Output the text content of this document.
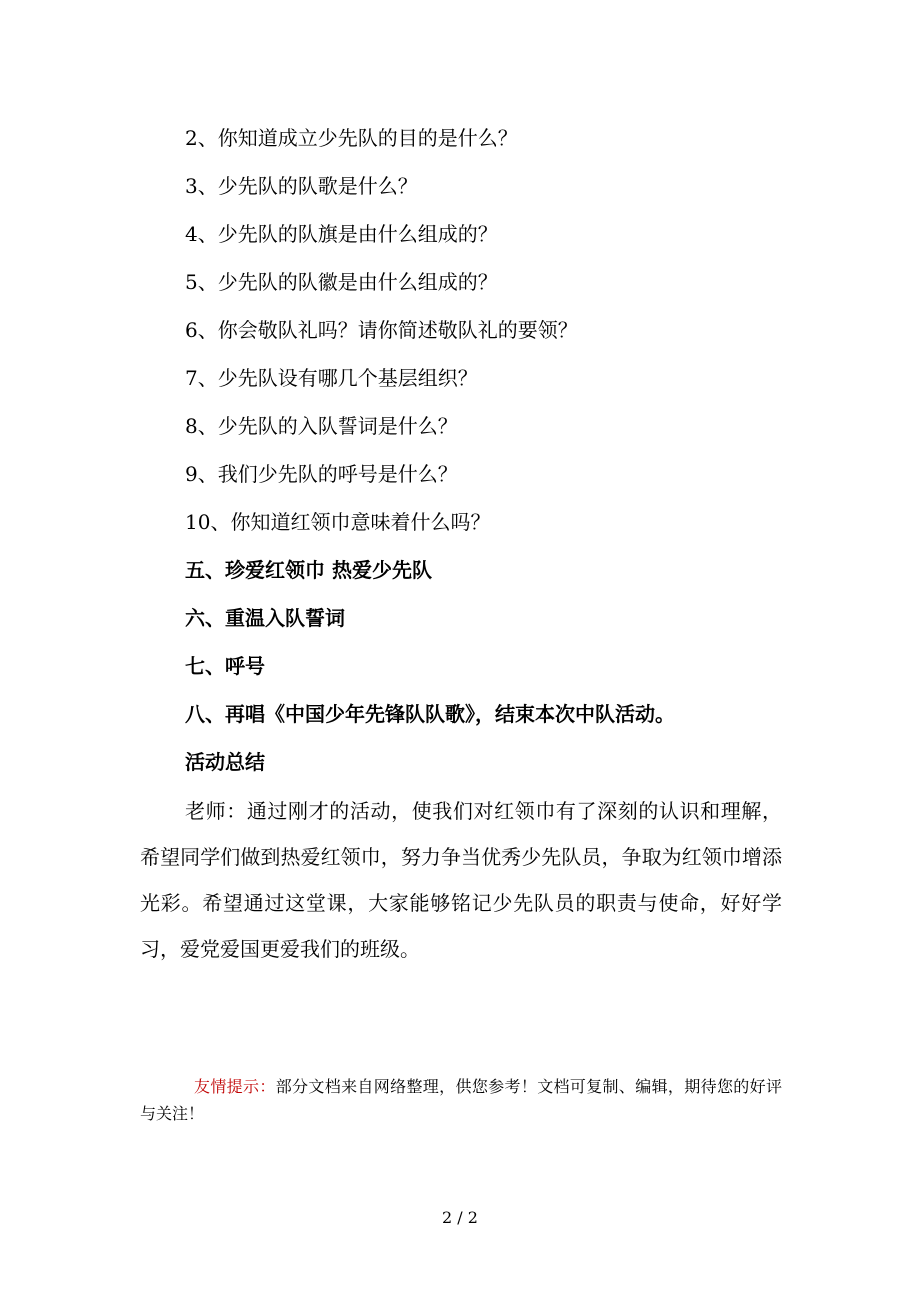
2、你知道成立少先队的目的是什么？
3、少先队的队歌是什么？
4、少先队的队旗是由什么组成的？
5、少先队的队徽是由什么组成的？
6、你会敬队礼吗？请你简述敬队礼的要领？
7、少先队设有哪几个基层组织？
8、少先队的入队誓词是什么？
9、我们少先队的呼号是什么？
10、你知道红领巾意味着什么吗？
五、珍爱红领巾 热爱少先队
六、重温入队誓词
七、呼号
八、再唱《中国少年先锋队队歌》，结束本次中队活动。
活动总结
老师：通过刚才的活动，使我们对红领巾有了深刻的认识和理解，希望同学们做到热爱红领巾，努力争当优秀少先队员，争取为红领巾增添光彩。希望通过这堂课，大家能够铭记少先队员的职责与使命，好好学习，爱党爱国更爱我们的班级。
友情提示：部分文档来自网络整理，供您参考！文档可复制、编辑，期待您的好评与关注！
2 / 2
